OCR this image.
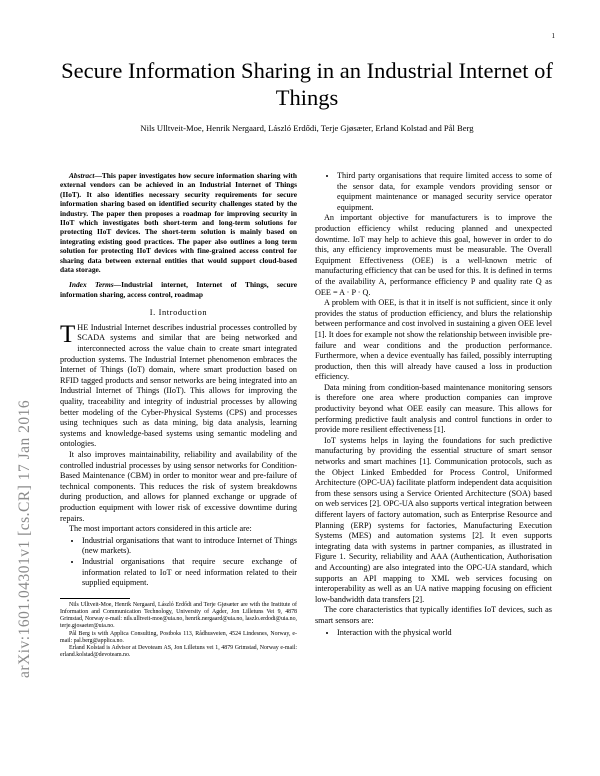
1
arXiv:1601.04301v1 [cs.CR] 17 Jan 2016
Secure Information Sharing in an Industrial Internet of Things
Nils Ulltveit-Moe, Henrik Nergaard, László Erdődi, Terje Gjøsæter, Erland Kolstad and Pål Berg

Abstract—This paper investigates how secure information sharing with external vendors can be achieved in an Industrial Internet of Things (IIoT). It also identifies necessary security requirements for secure information sharing based on identified security challenges stated by the industry. The paper then proposes a roadmap for improving security in IIoT which investigates both short-term and long-term solutions for protecting IIoT devices. The short-term solution is mainly based on integrating existing good practices. The paper also outlines a long term solution for protecting IIoT devices with fine-grained access control for sharing data between external entities that would support cloud-based data storage.

Index Terms—Industrial internet, Internet of Things, secure information sharing, access control, roadmap

I. Introduction

THE Industrial Internet describes industrial processes controlled by SCADA systems and similar that are being networked and interconnected across the value chain to create smart integrated production systems. The Industrial Internet phenomenon embraces the Internet of Things (IoT) domain, where smart production based on RFID tagged products and sensor networks are being integrated into an Industrial Internet of Things (IIoT). This allows for improving the quality, traceability and integrity of industrial processes by allowing better modeling of the Cyber-Physical Systems (CPS) and processes using techniques such as data mining, big data analysis, learning systems and knowledge-based systems using semantic modeling and ontologies.

It also improves maintainability, reliability and availability of the controlled industrial processes by using sensor networks for Condition-Based Maintenance (CBM) in order to monitor wear and pre-failure of technical components. This reduces the risk of system breakdowns during production, and allows for planned exchange or upgrade of production equipment with lower risk of excessive downtime during repairs.

The most important actors considered in this article are:

• Industrial organisations that want to introduce Internet of Things (new markets).
• Industrial organisations that require secure exchange of information related to IoT or need information related to their supplied equipment.

Nils Ulltveit-Moe, Henrik Nergaard, László Erdődi and Terje Gjøsæter are with the Institute of Information and Communication Technology, University of Agder, Jon Lilletuns Vei 9, 4878 Grimstad, Norway e-mail: nils.ulltveit-moe@uia.no, henrik.nergaard@uia.no, laszlo.erdodi@uia.no, terje.gjosaeter@uia.no.

Pål Berg is with Applica Consulting, Postboks 113, Rådhusveien, 4524 Lindesnes, Norway, e-mail: pal.berg@applica.no.

Erland Kolstad is Advisor at Devoteam AS, Jon Lilletuns vei 1, 4879 Grimstad, Norway e-mail: erland.kolstad@devoteam.no.

• Third party organisations that require limited access to some of the sensor data, for example vendors providing sensor or equipment maintenance or managed security service operator equipment.

An important objective for manufacturers is to improve the production efficiency whilst reducing planned and unexpected downtime. IoT may help to achieve this goal, however in order to do this, any efficiency improvements must be measurable. The Overall Equipment Effectiveness (OEE) is a well-known metric of manufacturing efficiency that can be used for this. It is defined in terms of the availability A, performance efficiency P and quality rate Q as OEE = A · P · Q.

A problem with OEE, is that it in itself is not sufficient, since it only provides the status of production efficiency, and blurs the relationship between performance and cost involved in sustaining a given OEE level [1]. It does for example not show the relationship between invisible pre-failure and wear conditions and the production performance. Furthermore, when a device eventually has failed, possibly interrupting production, then this will already have caused a loss in production efficiency.

Data mining from condition-based maintenance monitoring sensors is therefore one area where production companies can improve productivity beyond what OEE easily can measure. This allows for performing predictive fault analysis and control functions in order to provide more resilient effectiveness [1].

IoT systems helps in laying the foundations for such predictive manufacturing by providing the essential structure of smart sensor networks and smart machines [1]. Communication protocols, such as the Object Linked Embedded for Process Control, Uniformed Architecture (OPC-UA) facilitate platform independent data acquisition from these sensors using a Service Oriented Architecture (SOA) based on web services [2]. OPC-UA also supports vertical integration between different layers of factory automation, such as Enterprise Resource and Planning (ERP) systems for factories, Manufacturing Execution Systems (MES) and automation systems [2]. It even supports integrating data with systems in partner companies, as illustrated in Figure 1. Security, reliability and AAA (Authentication, Authorisation and Accounting) are also integrated into the OPC-UA standard, which supports an API mapping to XML web services focusing on interoperability as well as an UA native mapping focusing on efficient low-bandwidth data transfers [2].

The core characteristics that typically identifies IoT devices, such as smart sensors are:

• Interaction with the physical world
